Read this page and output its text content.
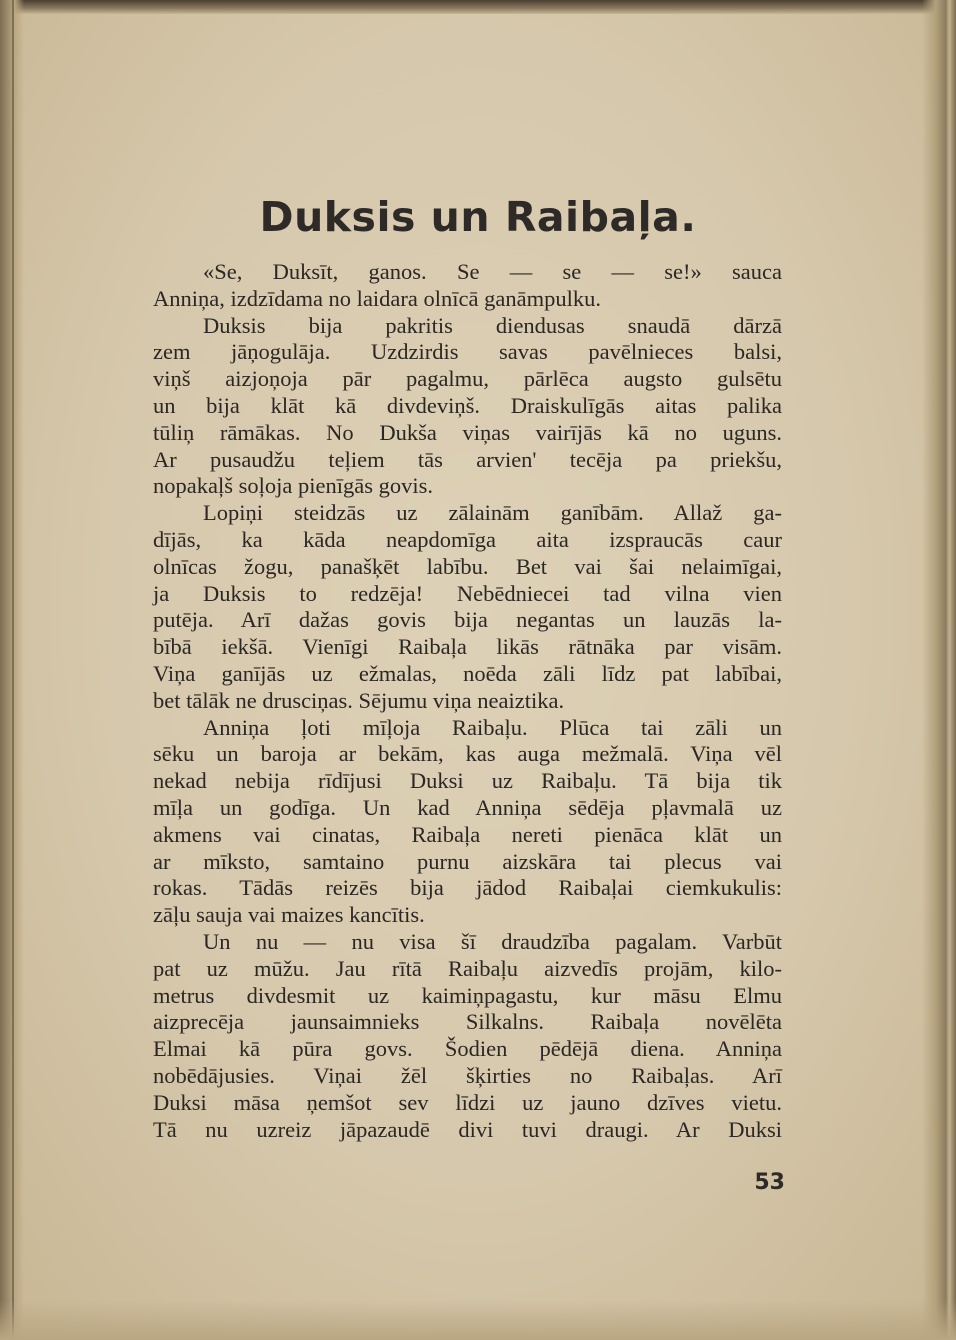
Duksis un Raibaļa.
«Se, Duksīt, ganos. Se — se — se!» sauca
Anniņa, izdzīdama no laidara olnīcā ganāmpulku.
Duksis bija pakritis diendusas snaudā dārzā
zem jāņogulāja. Uzdzirdis savas pavēlnieces balsi,
viņš aizjoņoja pār pagalmu, pārlēca augsto gulsētu
un bija klāt kā divdeviņš. Draiskulīgās aitas palika
tūliņ rāmākas. No Dukša viņas vairījās kā no uguns.
Ar pusaudžu teļiem tās arvien' tecēja pa priekšu,
nopakaļš soļoja pienīgās govis.
Lopiņi steidzās uz zālainām ganībām. Allaž ga-
dījās, ka kāda neapdomīga aita izspraucās caur
olnīcas žogu, panašķēt labību. Bet vai šai nelaimīgai,
ja Duksis to redzēja! Nebēdniecei tad vilna vien
putēja. Arī dažas govis bija negantas un lauzās la-
bībā iekšā. Vienīgi Raibaļa likās rātnāka par visām.
Viņa ganījās uz ežmalas, noēda zāli līdz pat labībai,
bet tālāk ne drusciņas. Sējumu viņa neaiztika.
Anniņa ļoti mīļoja Raibaļu. Plūca tai zāli un
sēku un baroja ar bekām, kas auga mežmalā. Viņa vēl
nekad nebija rīdījusi Duksi uz Raibaļu. Tā bija tik
mīļa un godīga. Un kad Anniņa sēdēja pļavmalā uz
akmens vai cinatas, Raibaļa nereti pienāca klāt un
ar mīksto, samtaino purnu aizskāra tai plecus vai
rokas. Tādās reizēs bija jādod Raibaļai ciemkukulis:
zāļu sauja vai maizes kancītis.
Un nu — nu visa šī draudzība pagalam. Varbūt
pat uz mūžu. Jau rītā Raibaļu aizvedīs projām, kilo-
metrus divdesmit uz kaimiņpagastu, kur māsu Elmu
aizprecēja jaunsaimnieks Silkalns. Raibaļa novēlēta
Elmai kā pūra govs. Šodien pēdējā diena. Anniņa
nobēdājusies. Viņai žēl šķirties no Raibaļas. Arī
Duksi māsa ņemšot sev līdzi uz jauno dzīves vietu.
Tā nu uzreiz jāpazaudē divi tuvi draugi. Ar Duksi
53
